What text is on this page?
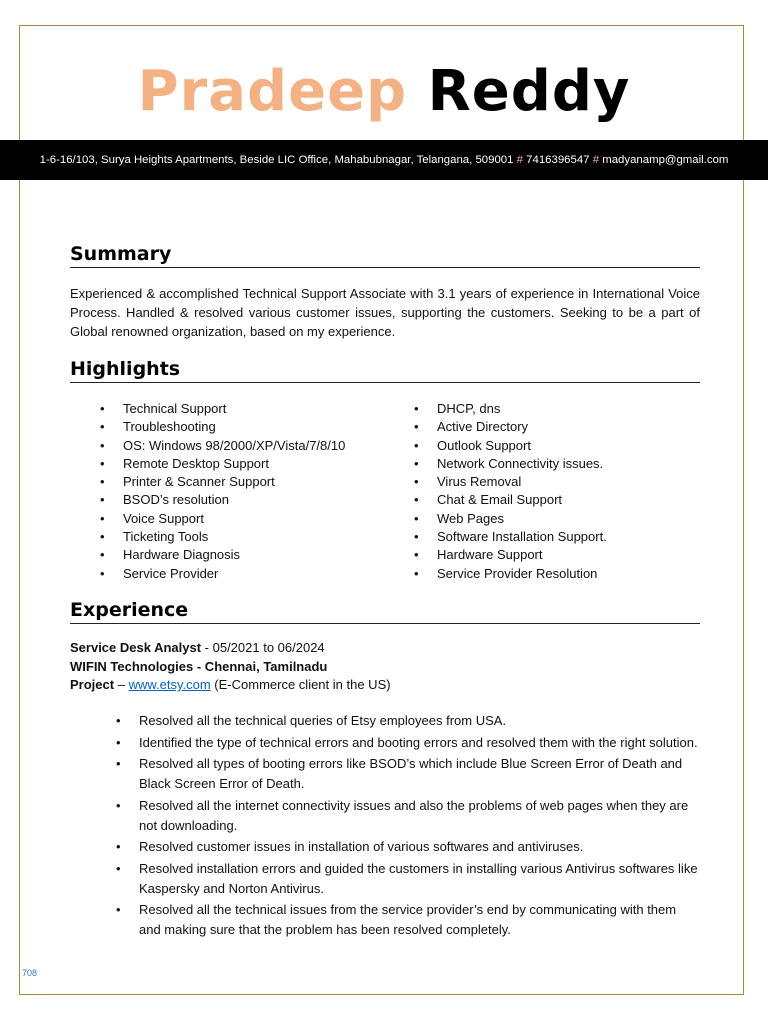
Pradeep Reddy
1-6-16/103, Surya Heights Apartments, Beside LIC Office, Mahabubnagar, Telangana, 509001 # 7416396547 # madyanamp@gmail.com
Summary
Experienced & accomplished Technical Support Associate with 3.1 years of experience in International Voice Process. Handled & resolved various customer issues, supporting the customers. Seeking to be a part of Global renowned organization, based on my experience.
Highlights
• Technical Support
• Troubleshooting
• OS: Windows 98/2000/XP/Vista/7/8/10
• Remote Desktop Support
• Printer & Scanner Support
• BSOD’s resolution
• Voice Support
• Ticketing Tools
• Hardware Diagnosis
• Service Provider
• DHCP, dns
• Active Directory
• Outlook Support
• Network Connectivity issues.
• Virus Removal
• Chat & Email Support
• Web Pages
• Software Installation Support.
• Hardware Support
• Service Provider Resolution
Experience
Service Desk Analyst - 05/2021 to 06/2024
WIFIN Technologies - Chennai, Tamilnadu
Project – www.etsy.com (E-Commerce client in the US)
• Resolved all the technical queries of Etsy employees from USA.
• Identified the type of technical errors and booting errors and resolved them with the right solution.
• Resolved all types of booting errors like BSOD’s which include Blue Screen Error of Death and Black Screen Error of Death.
• Resolved all the internet connectivity issues and also the problems of web pages when they are not downloading.
• Resolved customer issues in installation of various softwares and antiviruses.
• Resolved installation errors and guided the customers in installing various Antivirus softwares like Kaspersky and Norton Antivirus.
• Resolved all the technical issues from the service provider’s end by communicating with them and making sure that the problem has been resolved completely.
708
